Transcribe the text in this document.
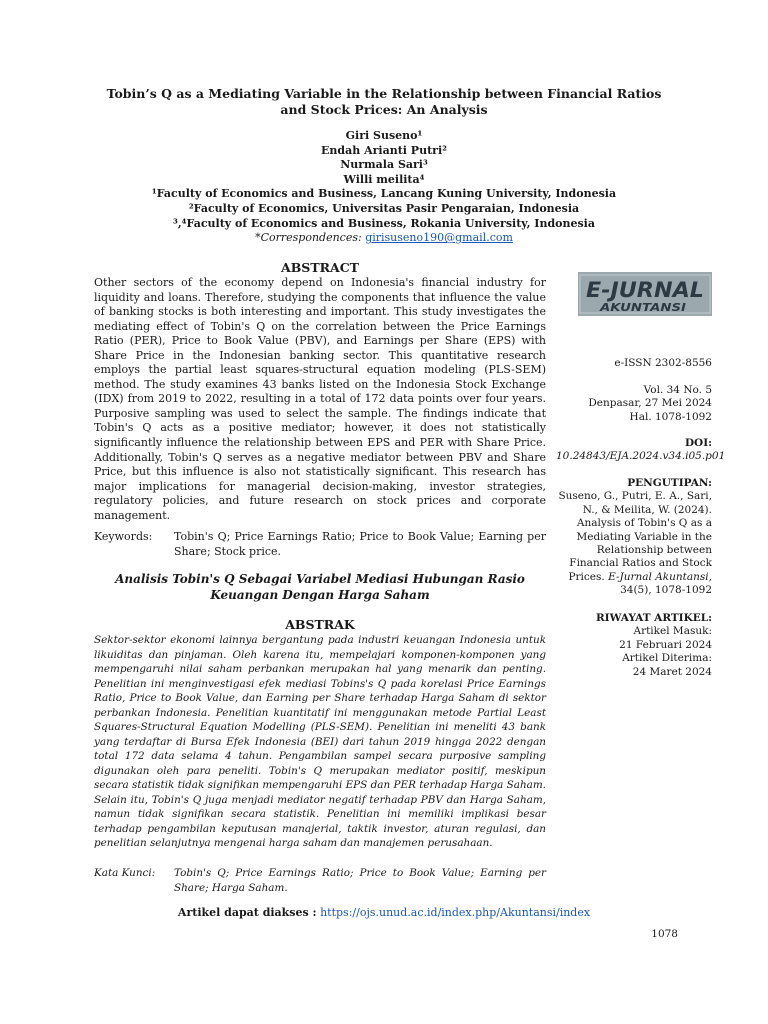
Tobin’s Q as a Mediating Variable in the Relationship between Financial Ratios and Stock Prices: An Analysis
Giri Suseno¹
Endah Arianti Putri²
Nurmala Sari³
Willi meilita⁴
¹Faculty of Economics and Business, Lancang Kuning University, Indonesia
²Faculty of Economics, Universitas Pasir Pengaraian, Indonesia
³,⁴Faculty of Economics and Business, Rokania University, Indonesia
*Correspondences: girisuseno190@gmail.com
ABSTRACT

Other sectors of the economy depend on Indonesia's financial industry for liquidity and loans. Therefore, studying the components that influence the value of banking stocks is both interesting and important. This study investigates the mediating effect of Tobin's Q on the correlation between the Price Earnings Ratio (PER), Price to Book Value (PBV), and Earnings per Share (EPS) with Share Price in the Indonesian banking sector. This quantitative research employs the partial least squares-structural equation modeling (PLS-SEM) method. The study examines 43 banks listed on the Indonesia Stock Exchange (IDX) from 2019 to 2022, resulting in a total of 172 data points over four years. Purposive sampling was used to select the sample. The findings indicate that Tobin's Q acts as a positive mediator; however, it does not statistically significantly influence the relationship between EPS and PER with Share Price. Additionally, Tobin's Q serves as a negative mediator between PBV and Share Price, but this influence is also not statistically significant. This research has major implications for managerial decision-making, investor strategies, regulatory policies, and future research on stock prices and corporate management.

Keywords:	Tobin's Q; Price Earnings Ratio; Price to Book Value; Earning per Share; Stock price.
Analisis Tobin's Q Sebagai Variabel Mediasi Hubungan Rasio Keuangan Dengan Harga Saham
ABSTRAK

Sektor-sektor ekonomi lainnya bergantung pada industri keuangan Indonesia untuk likuiditas dan pinjaman. Oleh karena itu, mempelajari komponen-komponen yang mempengaruhi nilai saham perbankan merupakan hal yang menarik dan penting. Penelitian ini menginvestigasi efek mediasi Tobins's Q pada korelasi Price Earnings Ratio, Price to Book Value, dan Earning per Share terhadap Harga Saham di sektor perbankan Indonesia. Penelitian kuantitatif ini menggunakan metode Partial Least Squares-Structural Equation Modelling (PLS-SEM). Penelitian ini meneliti 43 bank yang terdaftar di Bursa Efek Indonesia (BEI) dari tahun 2019 hingga 2022 dengan total 172 data selama 4 tahun. Pengambilan sampel secara purposive sampling digunakan oleh para peneliti. Tobin's Q merupakan mediator positif, meskipun secara statistik tidak signifikan mempengaruhi EPS dan PER terhadap Harga Saham. Selain itu, Tobin's Q juga menjadi mediator negatif terhadap PBV dan Harga Saham, namun tidak signifikan secara statistik. Penelitian ini memiliki implikasi besar terhadap pengambilan keputusan manajerial, taktik investor, aturan regulasi, dan penelitian selanjutnya mengenai harga saham dan manajemen perusahaan.

Kata Kunci:	Tobin's Q; Price Earnings Ratio; Price to Book Value; Earning per Share; Harga Saham.
Artikel dapat diakses : https://ojs.unud.ac.id/index.php/Akuntansi/index
1078
E-JURNAL
AKUNTANSI
e-ISSN 2302-8556
Vol. 34 No. 5
Denpasar, 27 Mei 2024
Hal. 1078-1092
DOI:
10.24843/EJA.2024.v34.i05.p01
PENGUTIPAN:
Suseno, G., Putri, E. A., Sari, N., & Meilita, W. (2024). Analysis of Tobin's Q as a Mediating Variable in the Relationship between Financial Ratios and Stock Prices. E-Jurnal Akuntansi, 34(5), 1078-1092
RIWAYAT ARTIKEL:
Artikel Masuk:
21 Februari 2024
Artikel Diterima:
24 Maret 2024
